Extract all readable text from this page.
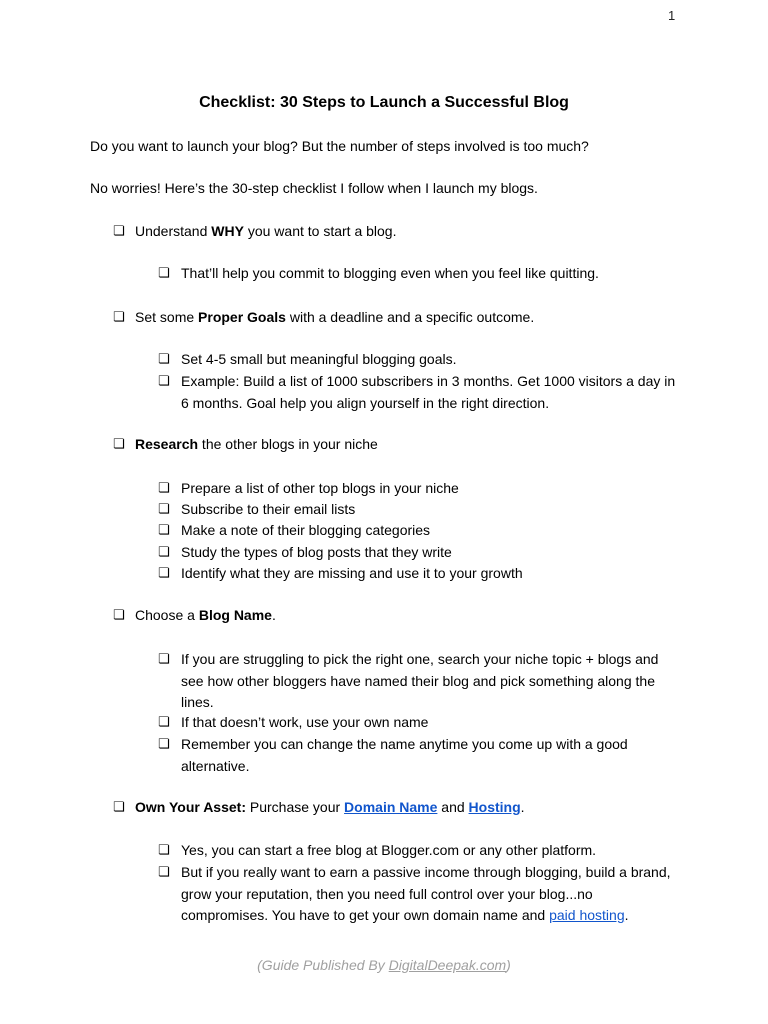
1
Checklist: 30 Steps to Launch a Successful Blog
Do you want to launch your blog? But the number of steps involved is too much?
No worries! Here’s the 30-step checklist I follow when I launch my blogs.
❏ Understand WHY you want to start a blog.
❏ That’ll help you commit to blogging even when you feel like quitting.
❏ Set some Proper Goals with a deadline and a specific outcome.
❏ Set 4-5 small but meaningful blogging goals.
❏ Example: Build a list of 1000 subscribers in 3 months. Get 1000 visitors a day in 6 months. Goal help you align yourself in the right direction.
❏ Research the other blogs in your niche
❏ Prepare a list of other top blogs in your niche
❏ Subscribe to their email lists
❏ Make a note of their blogging categories
❏ Study the types of blog posts that they write
❏ Identify what they are missing and use it to your growth
❏ Choose a Blog Name.
❏ If you are struggling to pick the right one, search your niche topic + blogs and see how other bloggers have named their blog and pick something along the lines.
❏ If that doesn’t work, use your own name
❏ Remember you can change the name anytime you come up with a good alternative.
❏ Own Your Asset: Purchase your Domain Name and Hosting.
❏ Yes, you can start a free blog at Blogger.com or any other platform.
❏ But if you really want to earn a passive income through blogging, build a brand, grow your reputation, then you need full control over your blog...no compromises. You have to get your own domain name and paid hosting.
(Guide Published By DigitalDeepak.com)
